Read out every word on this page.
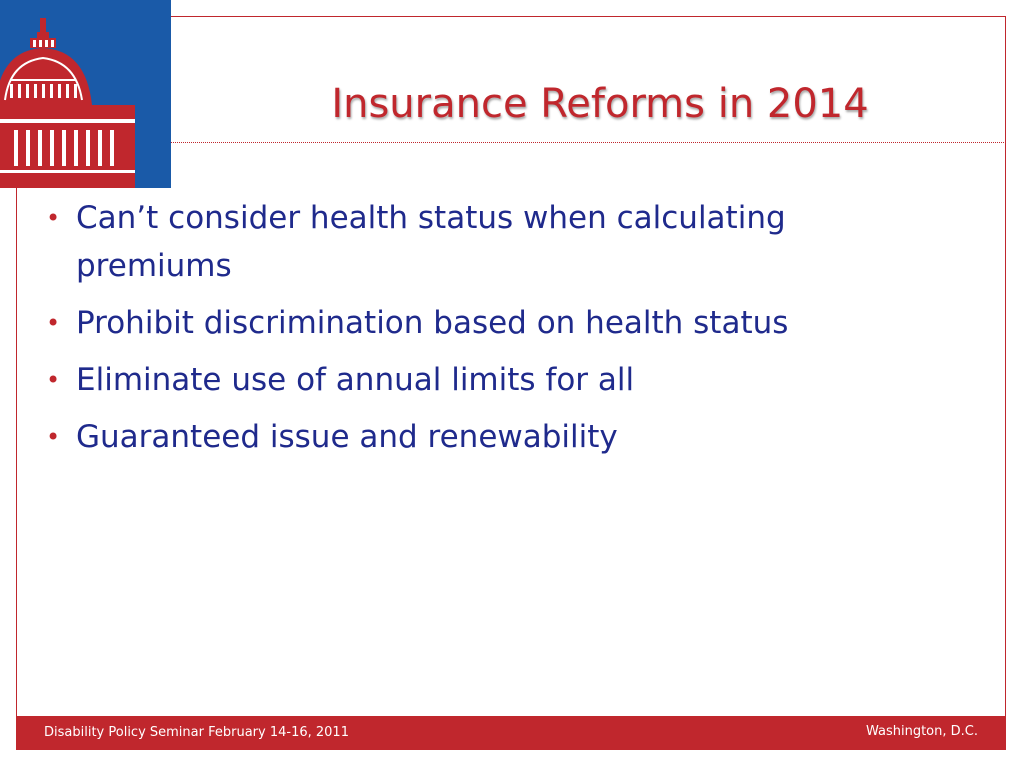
Insurance Reforms in 2014
• Can’t consider health status when calculating premiums
• Prohibit discrimination based on health status
• Eliminate use of annual limits for all
• Guaranteed issue and renewability
Disability Policy Seminar February 14-16, 2011	Washington, D.C.
